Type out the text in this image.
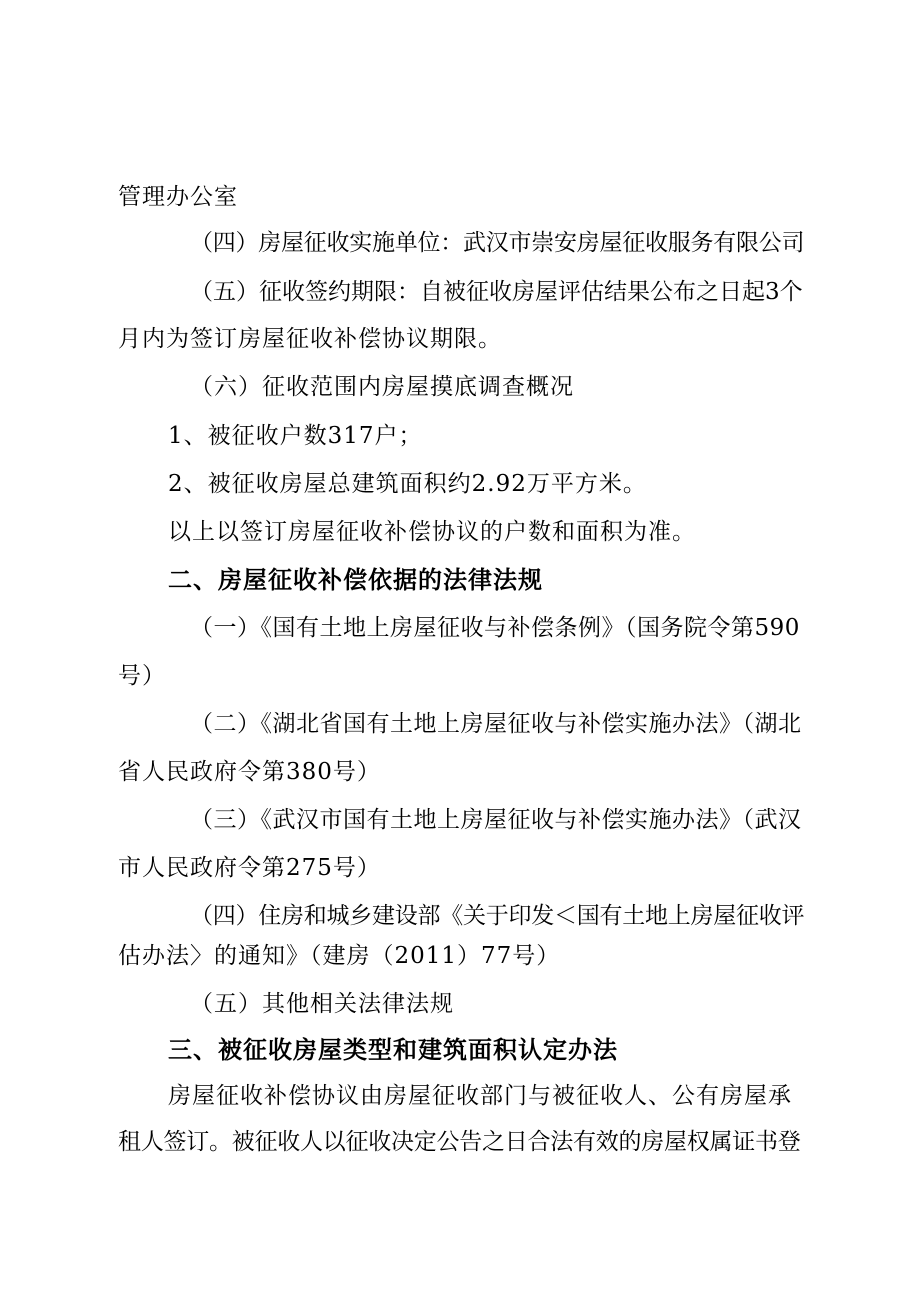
管理办公室
（四）房屋征收实施单位：武汉市崇安房屋征收服务有限公司
（五）征收签约期限：自被征收房屋评估结果公布之日起3个
月内为签订房屋征收补偿协议期限。
（六）征收范围内房屋摸底调查概况
1、被征收户数317户；
2、被征收房屋总建筑面积约2.92万平方米。
以上以签订房屋征收补偿协议的户数和面积为准。
二、房屋征收补偿依据的法律法规
（一）《国有土地上房屋征收与补偿条例》（国务院令第590
号）
（二）《湖北省国有土地上房屋征收与补偿实施办法》（湖北
省人民政府令第380号）
（三）《武汉市国有土地上房屋征收与补偿实施办法》（武汉
市人民政府令第275号）
（四）住房和城乡建设部《关于印发＜国有土地上房屋征收评
估办法〉的通知》（建房（2011）77号）
（五）其他相关法律法规
三、被征收房屋类型和建筑面积认定办法
房屋征收补偿协议由房屋征收部门与被征收人、公有房屋承
租人签订。被征收人以征收决定公告之日合法有效的房屋权属证书登
